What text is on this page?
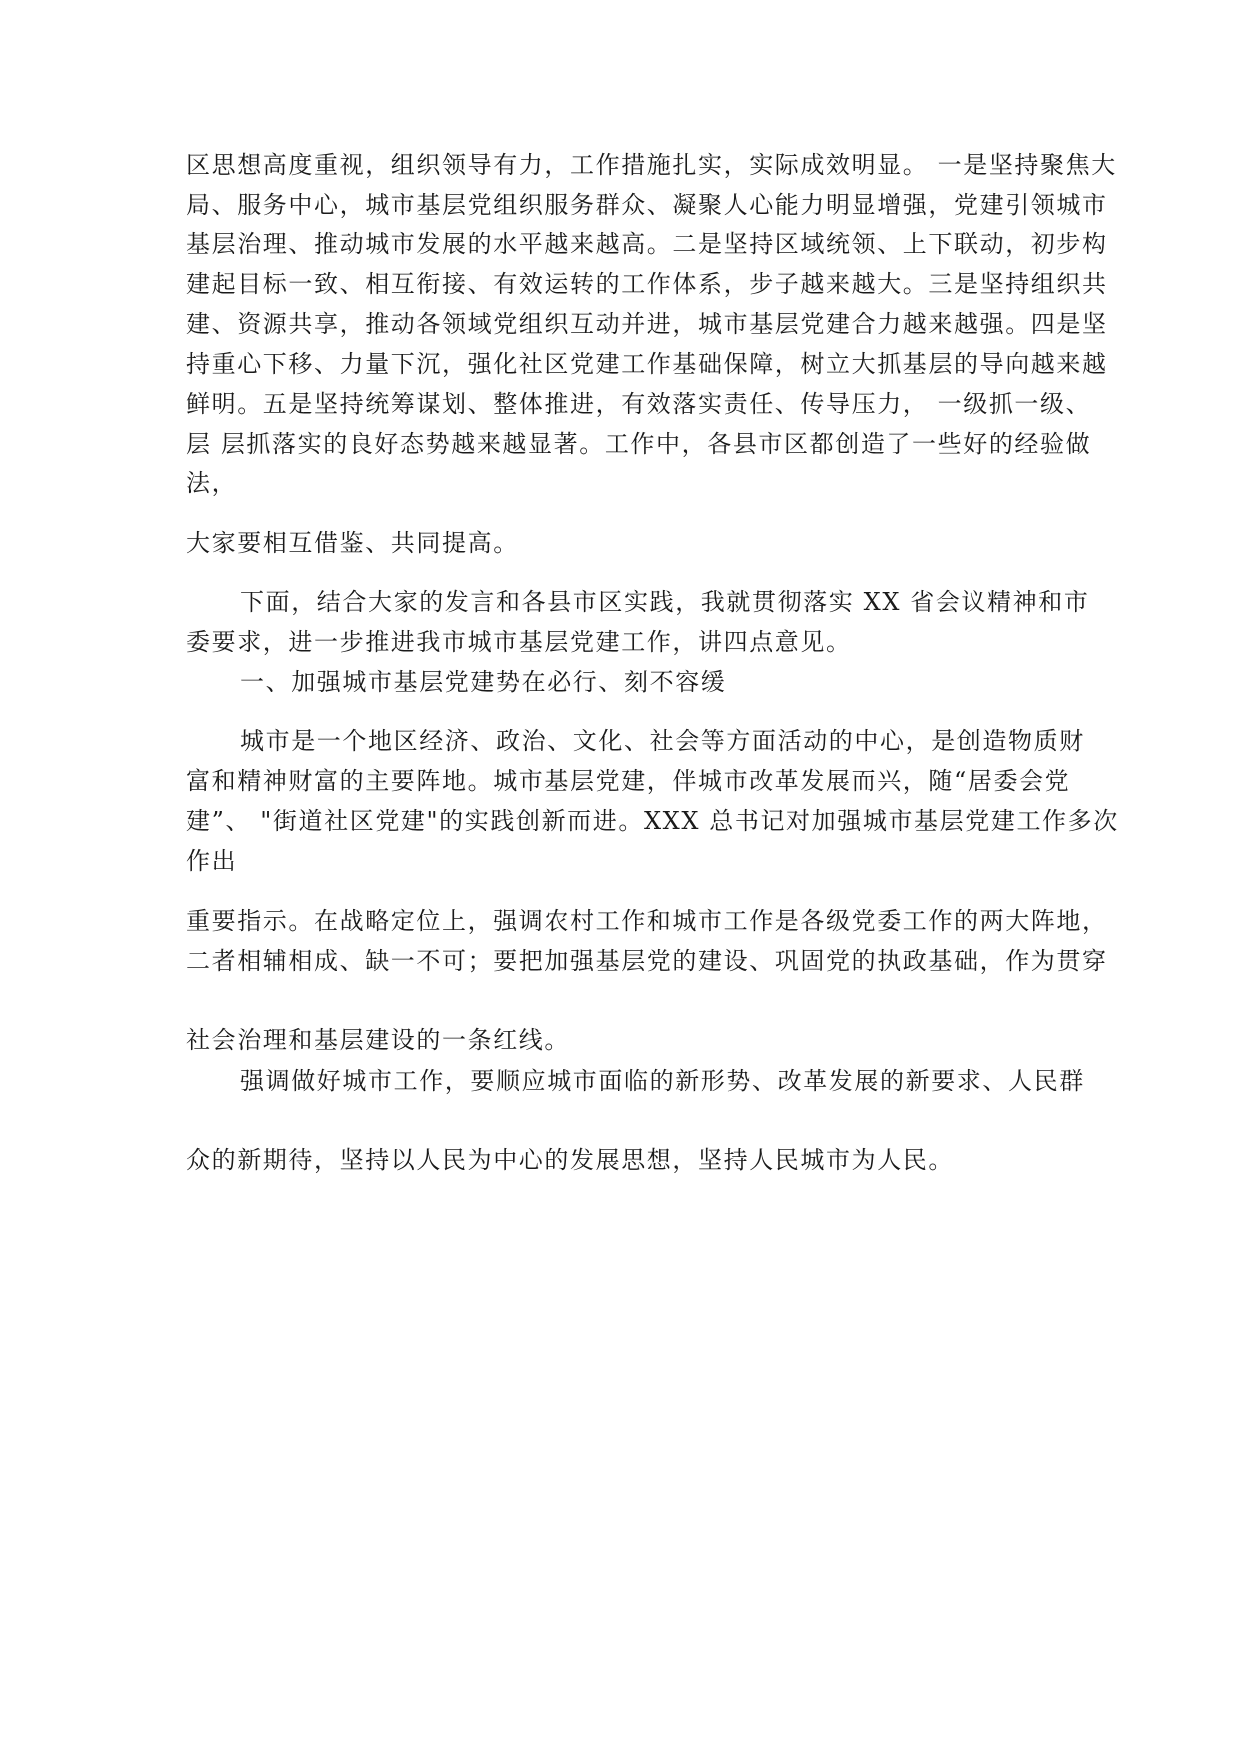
区思想高度重视，组织领导有力，工作措施扎实，实际成效明显。 一是坚持聚焦大
局、服务中心，城市基层党组织服务群众、凝聚人心能力明显增强，党建引领城市
基层治理、推动城市发展的水平越来越高。二是坚持区域统领、上下联动，初步构
建起目标一致、相互衔接、有效运转的工作体系，步子越来越大。三是坚持组织共
建、资源共享，推动各领域党组织互动并进，城市基层党建合力越来越强。四是坚
持重心下移、力量下沉，强化社区党建工作基础保障，树立大抓基层的导向越来越
鲜明。五是坚持统筹谋划、整体推进，有效落实责任、传导压力， 一级抓一级、
层 层抓落实的良好态势越来越显著。工作中，各县市区都创造了一些好的经验做
法，
大家要相互借鉴、共同提高。
下面，结合大家的发言和各县市区实践，我就贯彻落实 XX 省会议精神和市
委要求，进一步推进我市城市基层党建工作，讲四点意见。
一、加强城市基层党建势在必行、刻不容缓
城市是一个地区经济、政治、文化、社会等方面活动的中心，是创造物质财
富和精神财富的主要阵地。城市基层党建，伴城市改革发展而兴，随“居委会党
建”、 "街道社区党建"的实践创新而进。XXX 总书记对加强城市基层党建工作多次
作出
重要指示。在战略定位上，强调农村工作和城市工作是各级党委工作的两大阵地，
二者相辅相成、缺一不可；要把加强基层党的建设、巩固党的执政基础，作为贯穿
社会治理和基层建设的一条红线。
强调做好城市工作，要顺应城市面临的新形势、改革发展的新要求、人民群
众的新期待，坚持以人民为中心的发展思想，坚持人民城市为人民。
